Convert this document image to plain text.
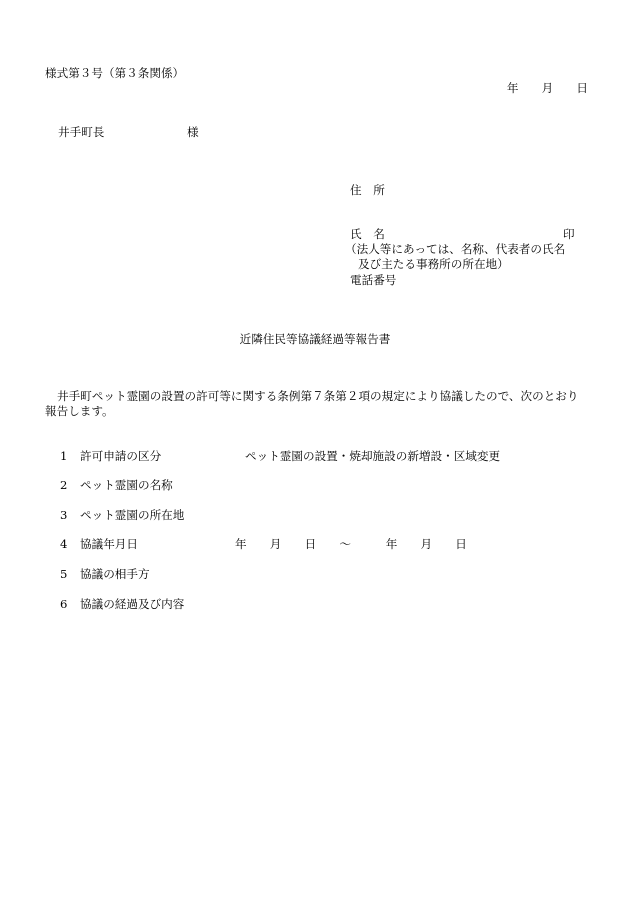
様式第３号（第３条関係）
年　　月　　日
井手町長	様
住　所
氏　名	印
（法人等にあっては、名称、代表者の氏名
及び主たる事務所の所在地）
電話番号
近隣住民等協議経過等報告書
井手町ペット霊園の設置の許可等に関する条例第７条第２項の規定により協議したので、次のとおり
報告します。
1 許可申請の区分	ペット霊園の設置・焼却施設の新増設・区域変更
2 ペット霊園の名称
3 ペット霊園の所在地
4 協議年月日	年　　月　　日　　～　　　年　　月　　日
5 協議の相手方
6 協議の経過及び内容
